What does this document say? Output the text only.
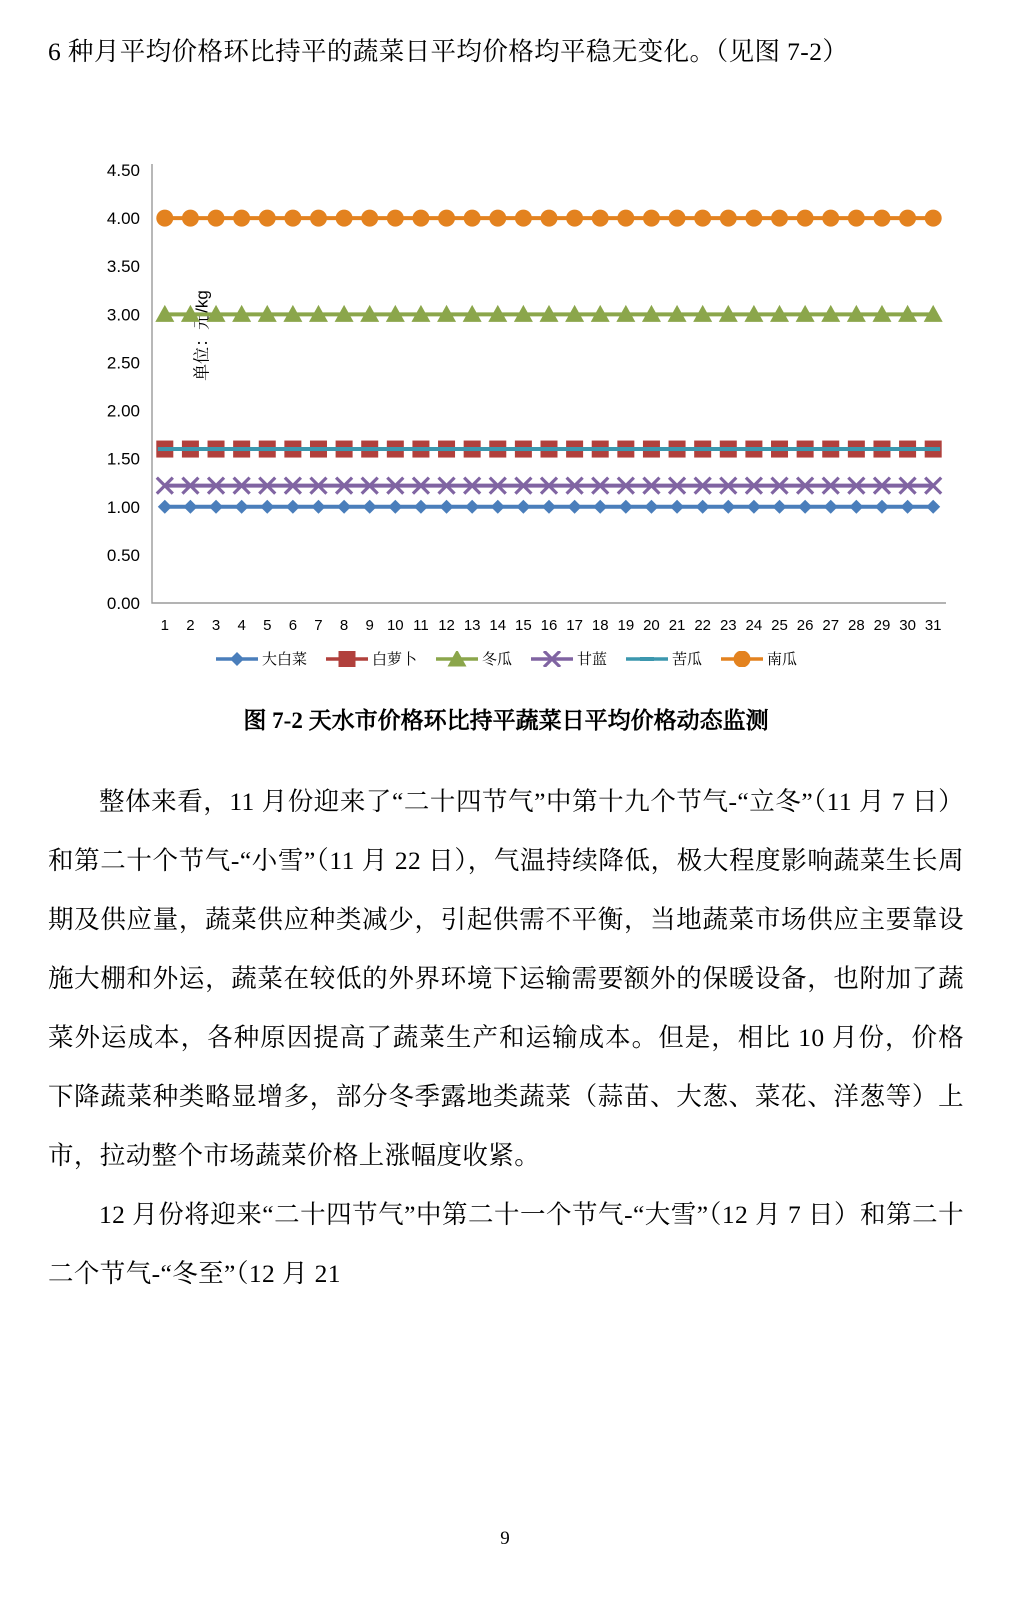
6 种月平均价格环比持平的蔬菜日平均价格均平稳无变化。（见图 7-2）

单位：元/kg
0.00
0.50
1.00
1.50
2.00
2.50
3.00
3.50
4.00
4.50
1 2 3 4 5 6 7 8 9 10 11 12 13 14 15 16 17 18 19 20 21 22 23 24 25 26 27 28 29 30 31
大白菜	白萝卜	冬瓜	甘蓝	苦瓜	南瓜
图 7-2 天水市价格环比持平蔬菜日平均价格动态监测

整体来看，11 月份迎来了“二十四节气”中第十九个节气-“立冬”（11 月 7 日）和第二十个节气-“小雪”（11 月 22 日），气温持续降低，极大程度影响蔬菜生长周期及供应量，蔬菜供应种类减少，引起供需不平衡，当地蔬菜市场供应主要靠设施大棚和外运，蔬菜在较低的外界环境下运输需要额外的保暖设备，也附加了蔬菜外运成本，各种原因提高了蔬菜生产和运输成本。但是，相比 10 月份，价格下降蔬菜种类略显增多，部分冬季露地类蔬菜（蒜苗、大葱、菜花、洋葱等）上市，拉动整个市场蔬菜价格上涨幅度收紧。

12 月份将迎来“二十四节气”中第二十一个节气-“大雪”（12 月 7 日）和第二十二个节气-“冬至”（12 月 21

9
